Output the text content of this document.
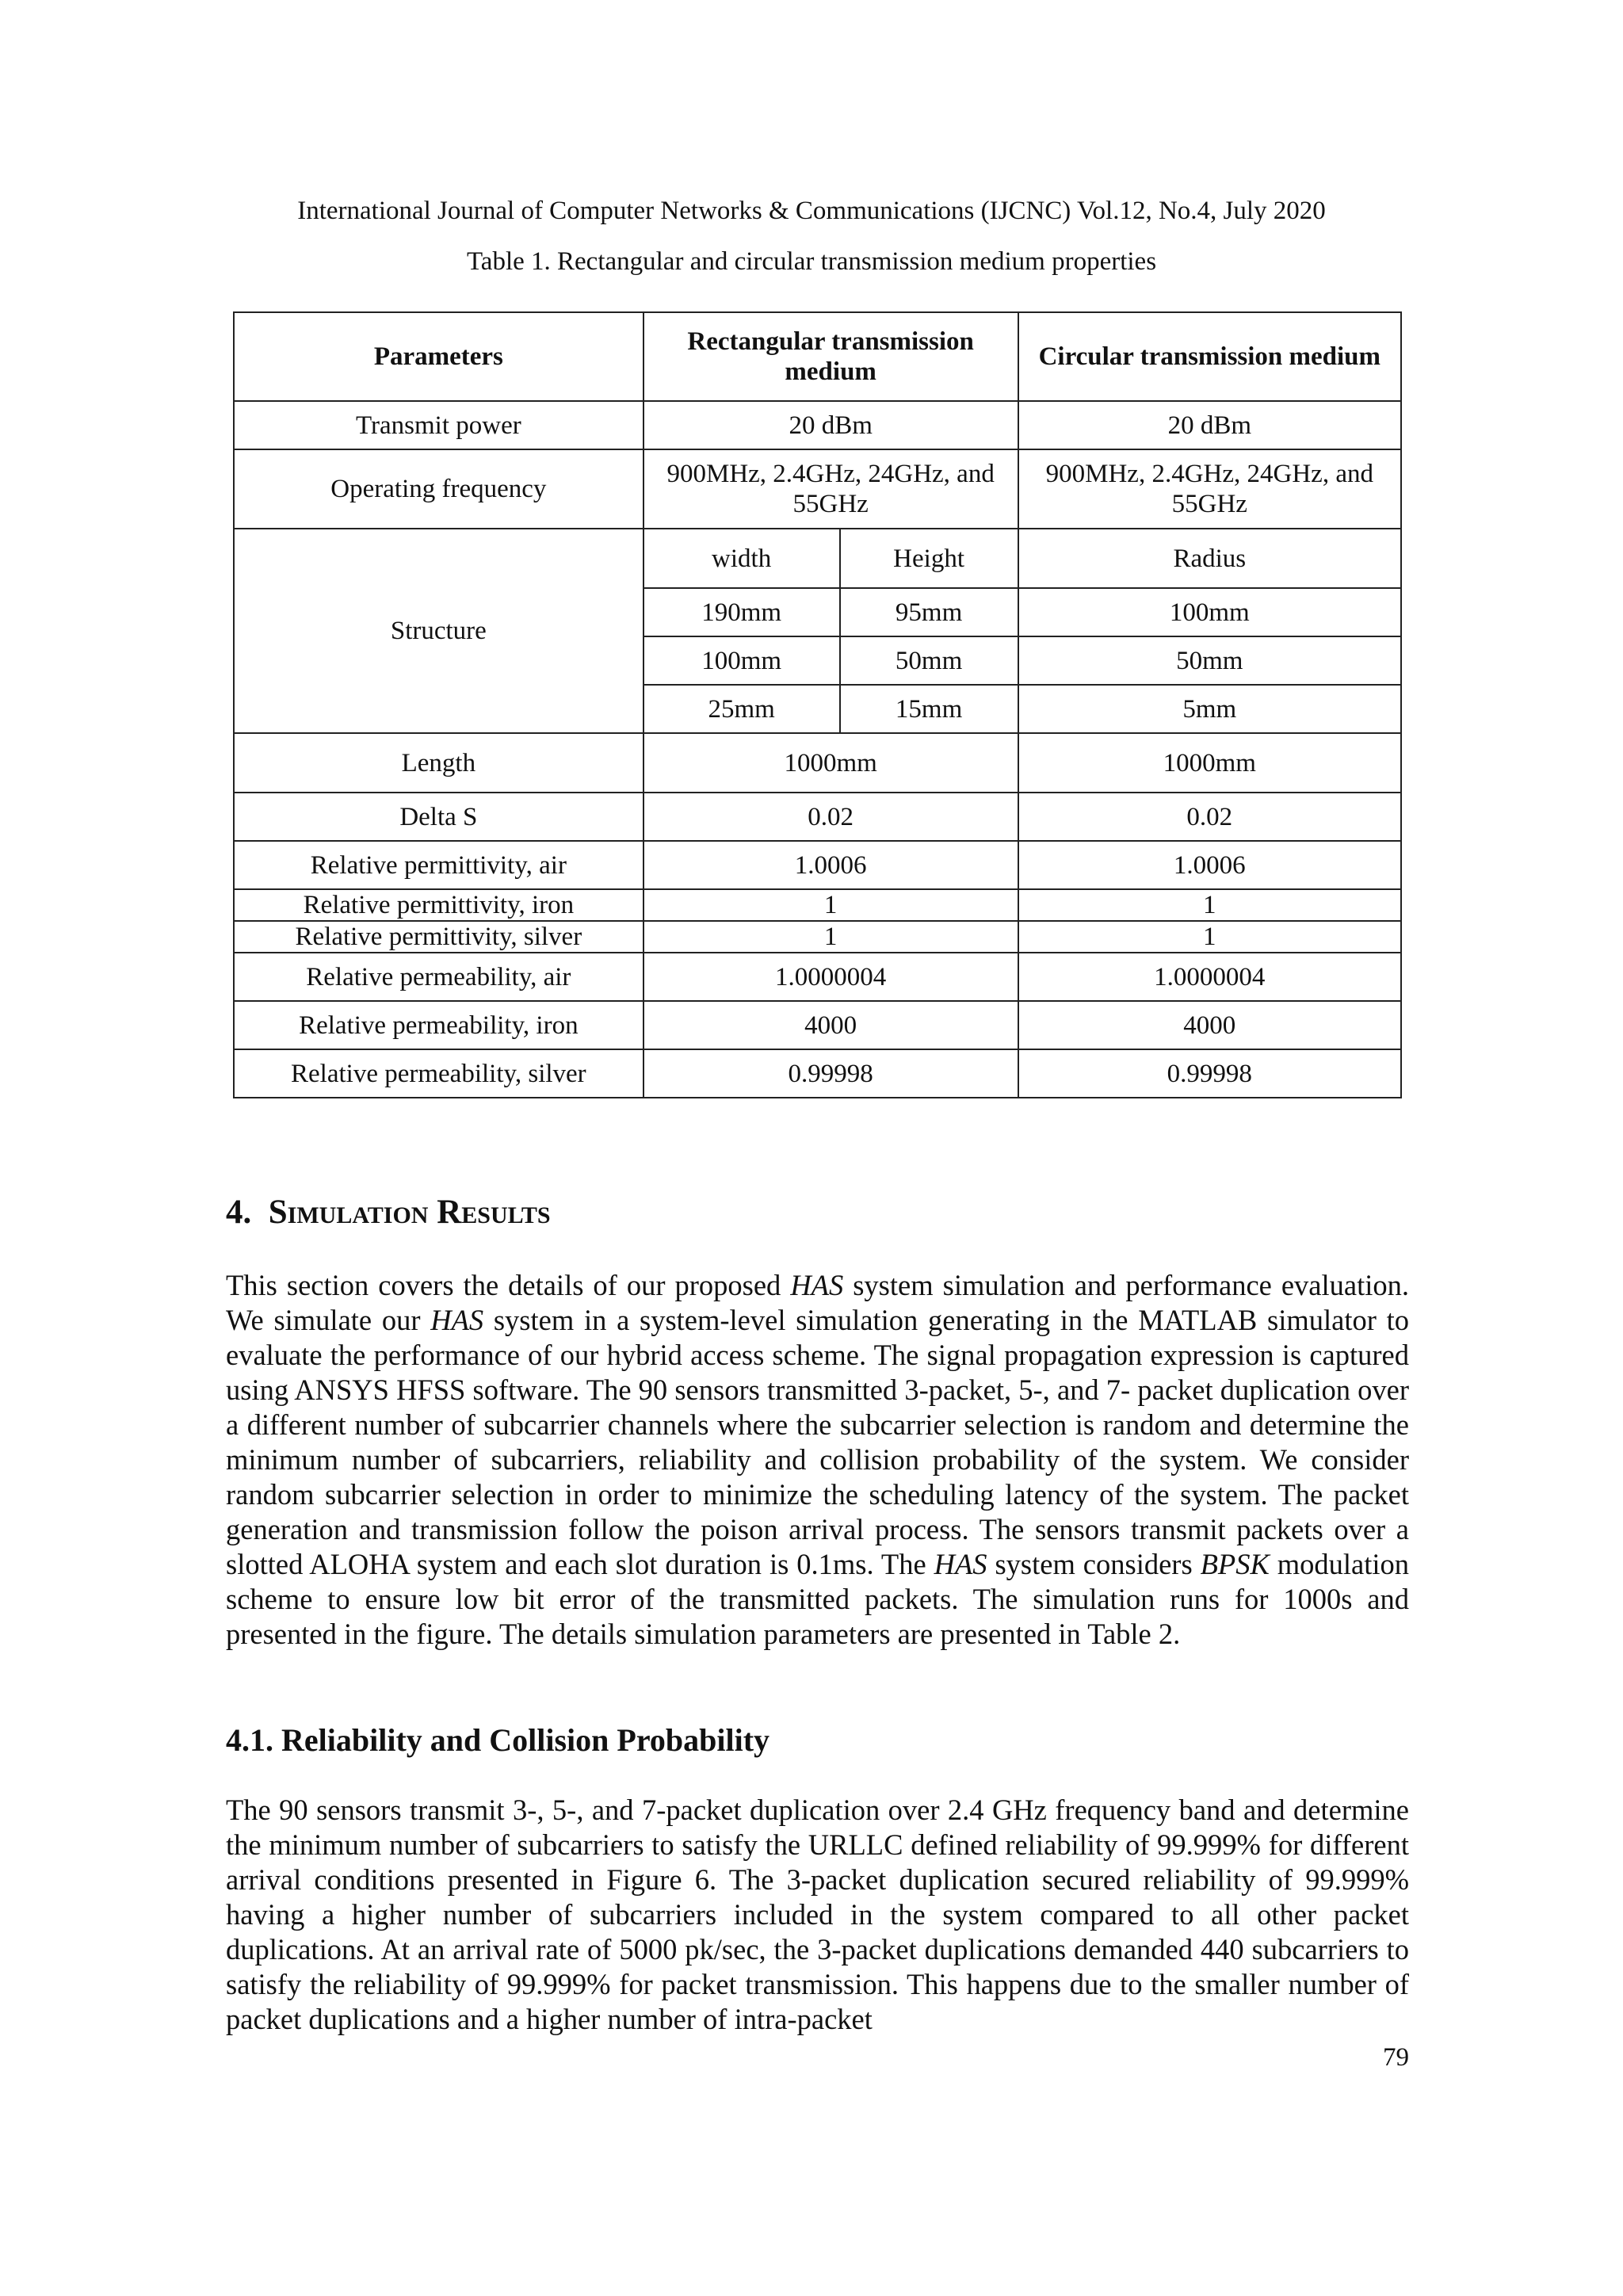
International Journal of Computer Networks & Communications (IJCNC) Vol.12, No.4, July 2020
Table 1. Rectangular and circular transmission medium properties
Parameters	Rectangular transmission medium		Circular transmission medium
Transmit power	20 dBm		20 dBm
Operating frequency	900MHz, 2.4GHz, 24GHz, and 55GHz		900MHz, 2.4GHz, 24GHz, and 55GHz
Structure	width	Height	Radius
	190mm	95mm	100mm
	100mm	50mm	50mm
	25mm	15mm	5mm
Length	1000mm		1000mm
Delta S	0.02		0.02
Relative permittivity, air	1.0006		1.0006
Relative permittivity, iron	1		1
Relative permittivity, silver	1		1
Relative permeability, air	1.0000004		1.0000004
Relative permeability, iron	4000		4000
Relative permeability, silver	0.99998		0.99998
4. Simulation Results

This section covers the details of our proposed HAS system simulation and performance evaluation. We simulate our HAS system in a system-level simulation generating in the MATLAB simulator to evaluate the performance of our hybrid access scheme. The signal propagation expression is captured using ANSYS HFSS software. The 90 sensors transmitted 3-packet, 5-, and 7- packet duplication over a different number of subcarrier channels where the subcarrier selection is random and determine the minimum number of subcarriers, reliability and collision probability of the system. We consider random subcarrier selection in order to minimize the scheduling latency of the system. The packet generation and transmission follow the poison arrival process. The sensors transmit packets over a slotted ALOHA system and each slot duration is 0.1ms. The HAS system considers BPSK modulation scheme to ensure low bit error of the transmitted packets. The simulation runs for 1000s and presented in the figure. The details simulation parameters are presented in Table 2.

4.1. Reliability and Collision Probability

The 90 sensors transmit 3-, 5-, and 7-packet duplication over 2.4 GHz frequency band and determine the minimum number of subcarriers to satisfy the URLLC defined reliability of 99.999% for different arrival conditions presented in Figure 6. The 3-packet duplication secured reliability of 99.999% having a higher number of subcarriers included in the system compared to all other packet duplications. At an arrival rate of 5000 pk/sec, the 3-packet duplications demanded 440 subcarriers to satisfy the reliability of 99.999% for packet transmission. This happens due to the smaller number of packet duplications and a higher number of intra-packet

79
